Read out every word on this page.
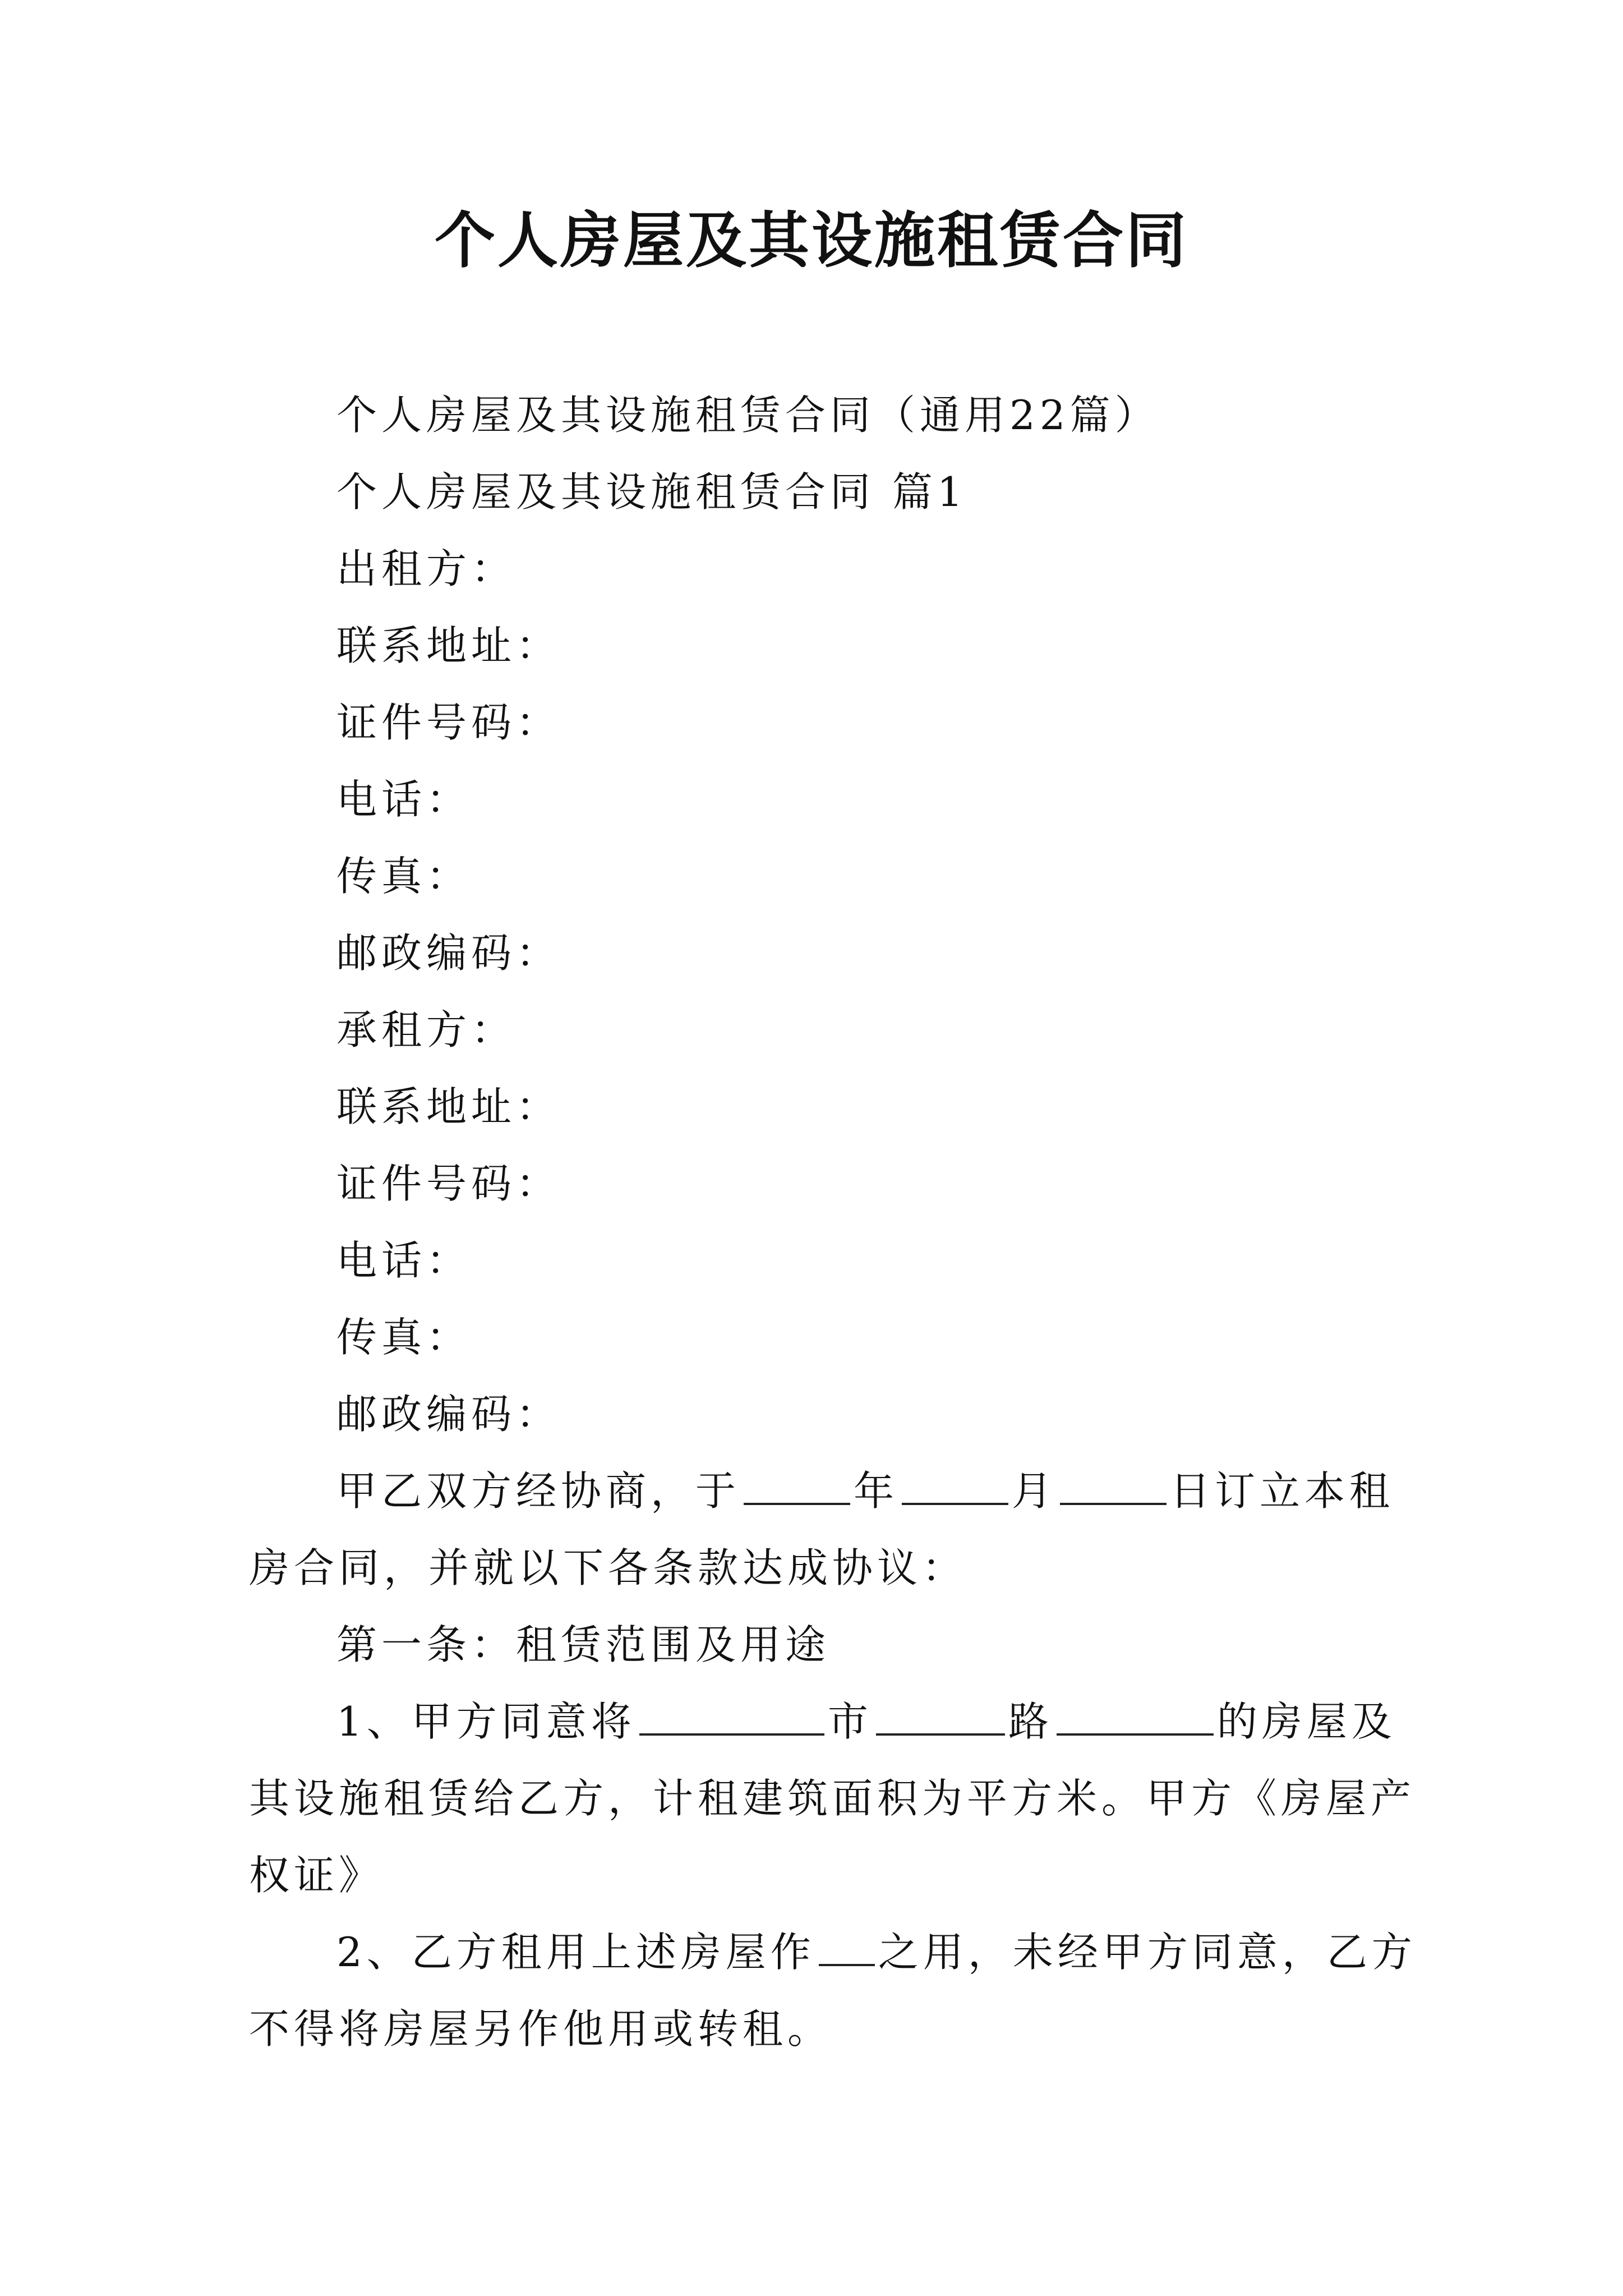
个人房屋及其设施租赁合同
个人房屋及其设施租赁合同（通用22篇）
个人房屋及其设施租赁合同 篇1
出租方：
联系地址：
证件号码：
电话：
传真：
邮政编码：
承租方：
联系地址：
证件号码：
电话：
传真：
邮政编码：
甲乙双方经协商，于	年	月	日订立本租
房合同，并就以下各条款达成协议：
第一条：租赁范围及用途
1、甲方同意将	市	路	的房屋及
其设施租赁给乙方，计租建筑面积为平方米。甲方《房屋产
权证》
2、乙方租用上述房屋作 之用，未经甲方同意，乙方
不得将房屋另作他用或转租。
